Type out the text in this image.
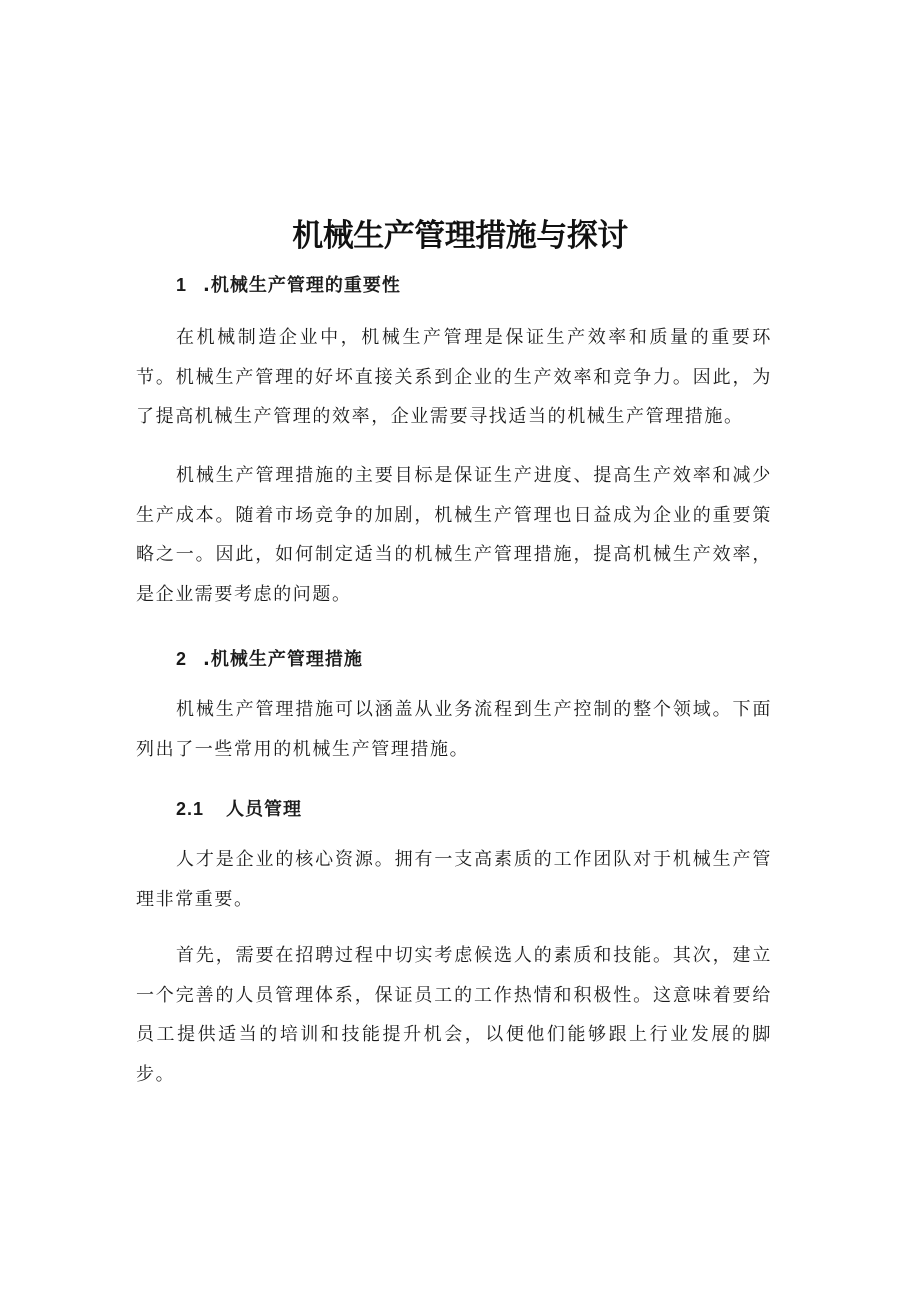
机械生产管理措施与探讨
1 .机械生产管理的重要性

在机械制造企业中，机械生产管理是保证生产效率和质量的重要环节。机械生产管理的好坏直接关系到企业的生产效率和竞争力。因此，为了提高机械生产管理的效率，企业需要寻找适当的机械生产管理措施。

机械生产管理措施的主要目标是保证生产进度、提高生产效率和减少生产成本。随着市场竞争的加剧，机械生产管理也日益成为企业的重要策略之一。因此，如何制定适当的机械生产管理措施，提高机械生产效率，是企业需要考虑的问题。

2 .机械生产管理措施

机械生产管理措施可以涵盖从业务流程到生产控制的整个领域。下面列出了一些常用的机械生产管理措施。

2.1 人员管理

人才是企业的核心资源。拥有一支高素质的工作团队对于机械生产管理非常重要。

首先，需要在招聘过程中切实考虑候选人的素质和技能。其次，建立一个完善的人员管理体系，保证员工的工作热情和积极性。这意味着要给员工提供适当的培训和技能提升机会，以便他们能够跟上行业发展的脚步。
